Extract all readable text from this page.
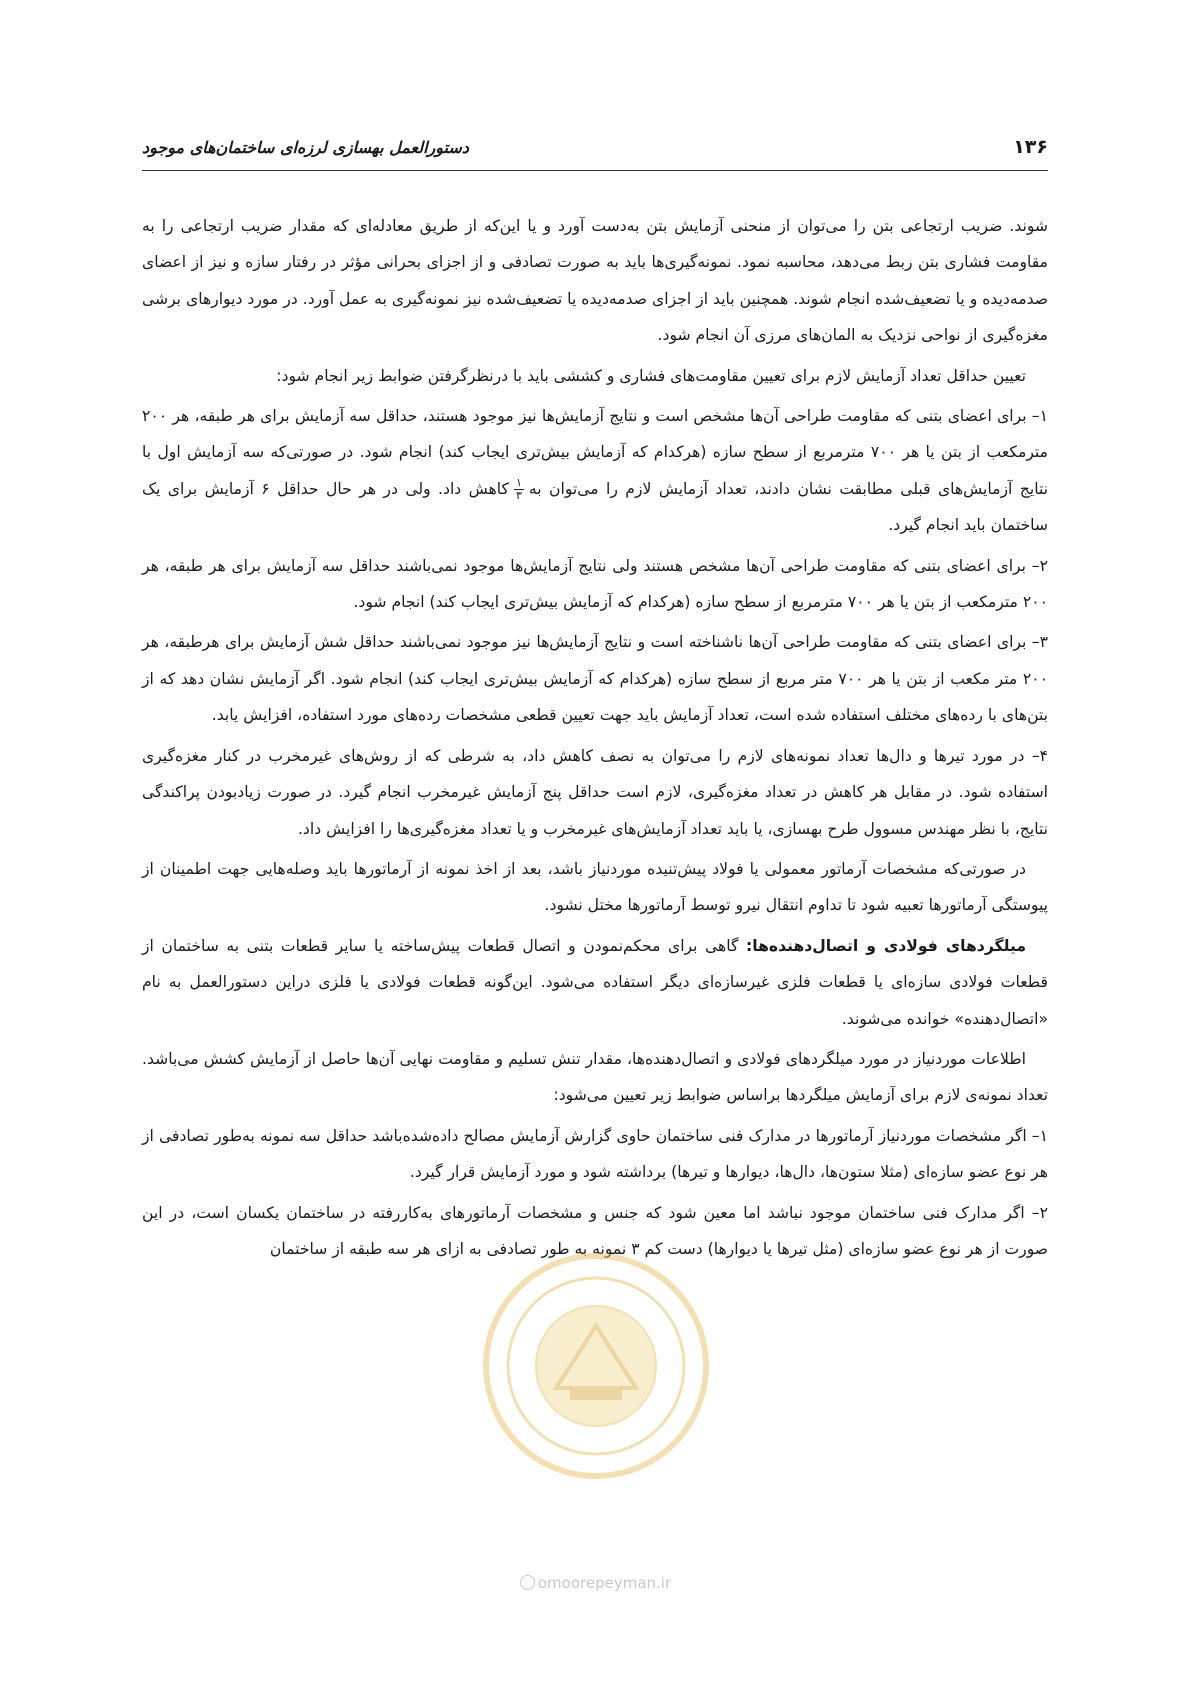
۱۳۶
دستورالعمل بهسازی لرزه‌ای ساختمان‌های موجود

شوند. ضریب ارتجاعی بتن را می‌توان از منحنی آزمایش بتن به‌دست آورد و یا این‌که از طریق معادله‌ای که مقدار ضریب ارتجاعی را به مقاومت فشاری بتن ربط می‌دهد، محاسبه نمود. نمونه‌گیری‌ها باید به صورت تصادفی و از اجزای بحرانی مؤثر در رفتار سازه و نیز از اعضای صدمه‌دیده و یا تضعیف‌شده انجام شوند. همچنین باید از اجزای صدمه‌دیده یا تضعیف‌شده نیز نمونه‌گیری به عمل آورد. در مورد دیوارهای برشی مغزه‌گیری از نواحی نزدیک به المان‌های مرزی آن انجام شود.

تعیین حداقل تعداد آزمایش لازم برای تعیین مقاومت‌های فشاری و کششی باید با درنظرگرفتن ضوابط زیر انجام شود:

۱– برای اعضای بتنی که مقاومت طراحی آن‌ها مشخص است و نتایج آزمایش‌ها نیز موجود هستند، حداقل سه آزمایش برای هر طبقه، هر ۲۰۰ مترمکعب از بتن یا هر ۷۰۰ مترمربع از سطح سازه (هرکدام که آزمایش بیش‌تری ایجاب کند) انجام شود. در صورتی‌که سه آزمایش اول با نتایج آزمایش‌های قبلی مطابقت نشان دادند، تعداد آزمایش لازم را می‌توان به
$\frac{۱}{۳}$
کاهش داد. ولی در هر حال حداقل ۶ آزمایش برای یک ساختمان باید انجام گیرد.

۲– برای اعضای بتنی که مقاومت طراحی آن‌ها مشخص هستند ولی نتایج آزمایش‌ها موجود نمی‌باشند حداقل سه آزمایش برای هر طبقه، هر ۲۰۰ مترمکعب از بتن یا هر ۷۰۰ مترمربع از سطح سازه (هرکدام که آزمایش بیش‌تری ایجاب کند) انجام شود.

۳– برای اعضای بتنی که مقاومت طراحی آن‌ها ناشناخته است و نتایج آزمایش‌ها نیز موجود نمی‌باشند حداقل شش آزمایش برای هرطبقه، هر ۲۰۰ متر مکعب از بتن یا هر ۷۰۰ متر مربع از سطح سازه (هرکدام که آزمایش بیش‌تری ایجاب کند) انجام شود. اگر آزمایش نشان دهد که از بتن‌های با رده‌های مختلف استفاده شده است، تعداد آزمایش باید جهت تعیین قطعی مشخصات رده‌های مورد استفاده، افزایش یابد.

۴– در مورد تیرها و دال‌ها تعداد نمونه‌های لازم را می‌توان به نصف کاهش داد، به شرطی که از روش‌های غیرمخرب در کنار مغزه‌گیری استفاده شود. در مقابل هر کاهش در تعداد مغزه‌گیری، لازم است حداقل پنج آزمایش غیرمخرب انجام گیرد. در صورت زیادبودن پراکندگی نتایج، با نظر مهندس مسوول طرح بهسازی، یا باید تعداد آزمایش‌های غیرمخرب و یا تعداد مغزه‌گیری‌ها را افزایش داد.

در صورتی‌که مشخصات آرماتور معمولی یا فولاد پیش‌تنیده موردنیاز باشد، بعد از اخذ نمونه از آرماتورها باید وصله‌هایی جهت اطمینان از پیوستگی آرماتورها تعبیه شود تا تداوم انتقال نیرو توسط آرماتورها مختل نشود.

میلگردهای فولادی و اتصال‌دهنده‌ها: گاهی برای محکم‌نمودن و اتصال قطعات پیش‌ساخته یا سایر قطعات بتنی به ساختمان از قطعات فولادی سازه‌ای یا قطعات فلزی غیرسازه‌ای دیگر استفاده می‌شود. این‌گونه قطعات فولادی یا فلزی دراین دستورالعمل به نام «اتصال‌دهنده» خوانده می‌شوند.

اطلاعات موردنیاز در مورد میلگردهای فولادی و اتصال‌دهنده‌ها، مقدار تنش تسلیم و مقاومت نهایی آن‌ها حاصل از آزمایش کشش می‌باشد. تعداد نمونه‌ی لازم برای آزمایش میلگردها براساس ضوابط زیر تعیین می‌شود:

۱– اگر مشخصات موردنیاز آرماتورها در مدارک فنی ساختمان حاوی گزارش آزمایش مصالح داده‌شده‌باشد حداقل سه نمونه به‌طور تصادفی از هر نوع عضو سازه‌ای (مثلا ستون‌ها، دال‌ها، دیوارها و تیرها) برداشته شود و مورد آزمایش قرار گیرد.

۲– اگر مدارک فنی ساختمان موجود نباشد اما معین شود که جنس و مشخصات آرماتورهای به‌کاررفته در ساختمان یکسان است، در این صورت از هر نوع عضو سازه‌ای (مثل تیرها یا دیوارها) دست کم ۳ نمونه به طور تصادفی به ازای هر سه طبقه از ساختمان

omoorepeyman.ir
